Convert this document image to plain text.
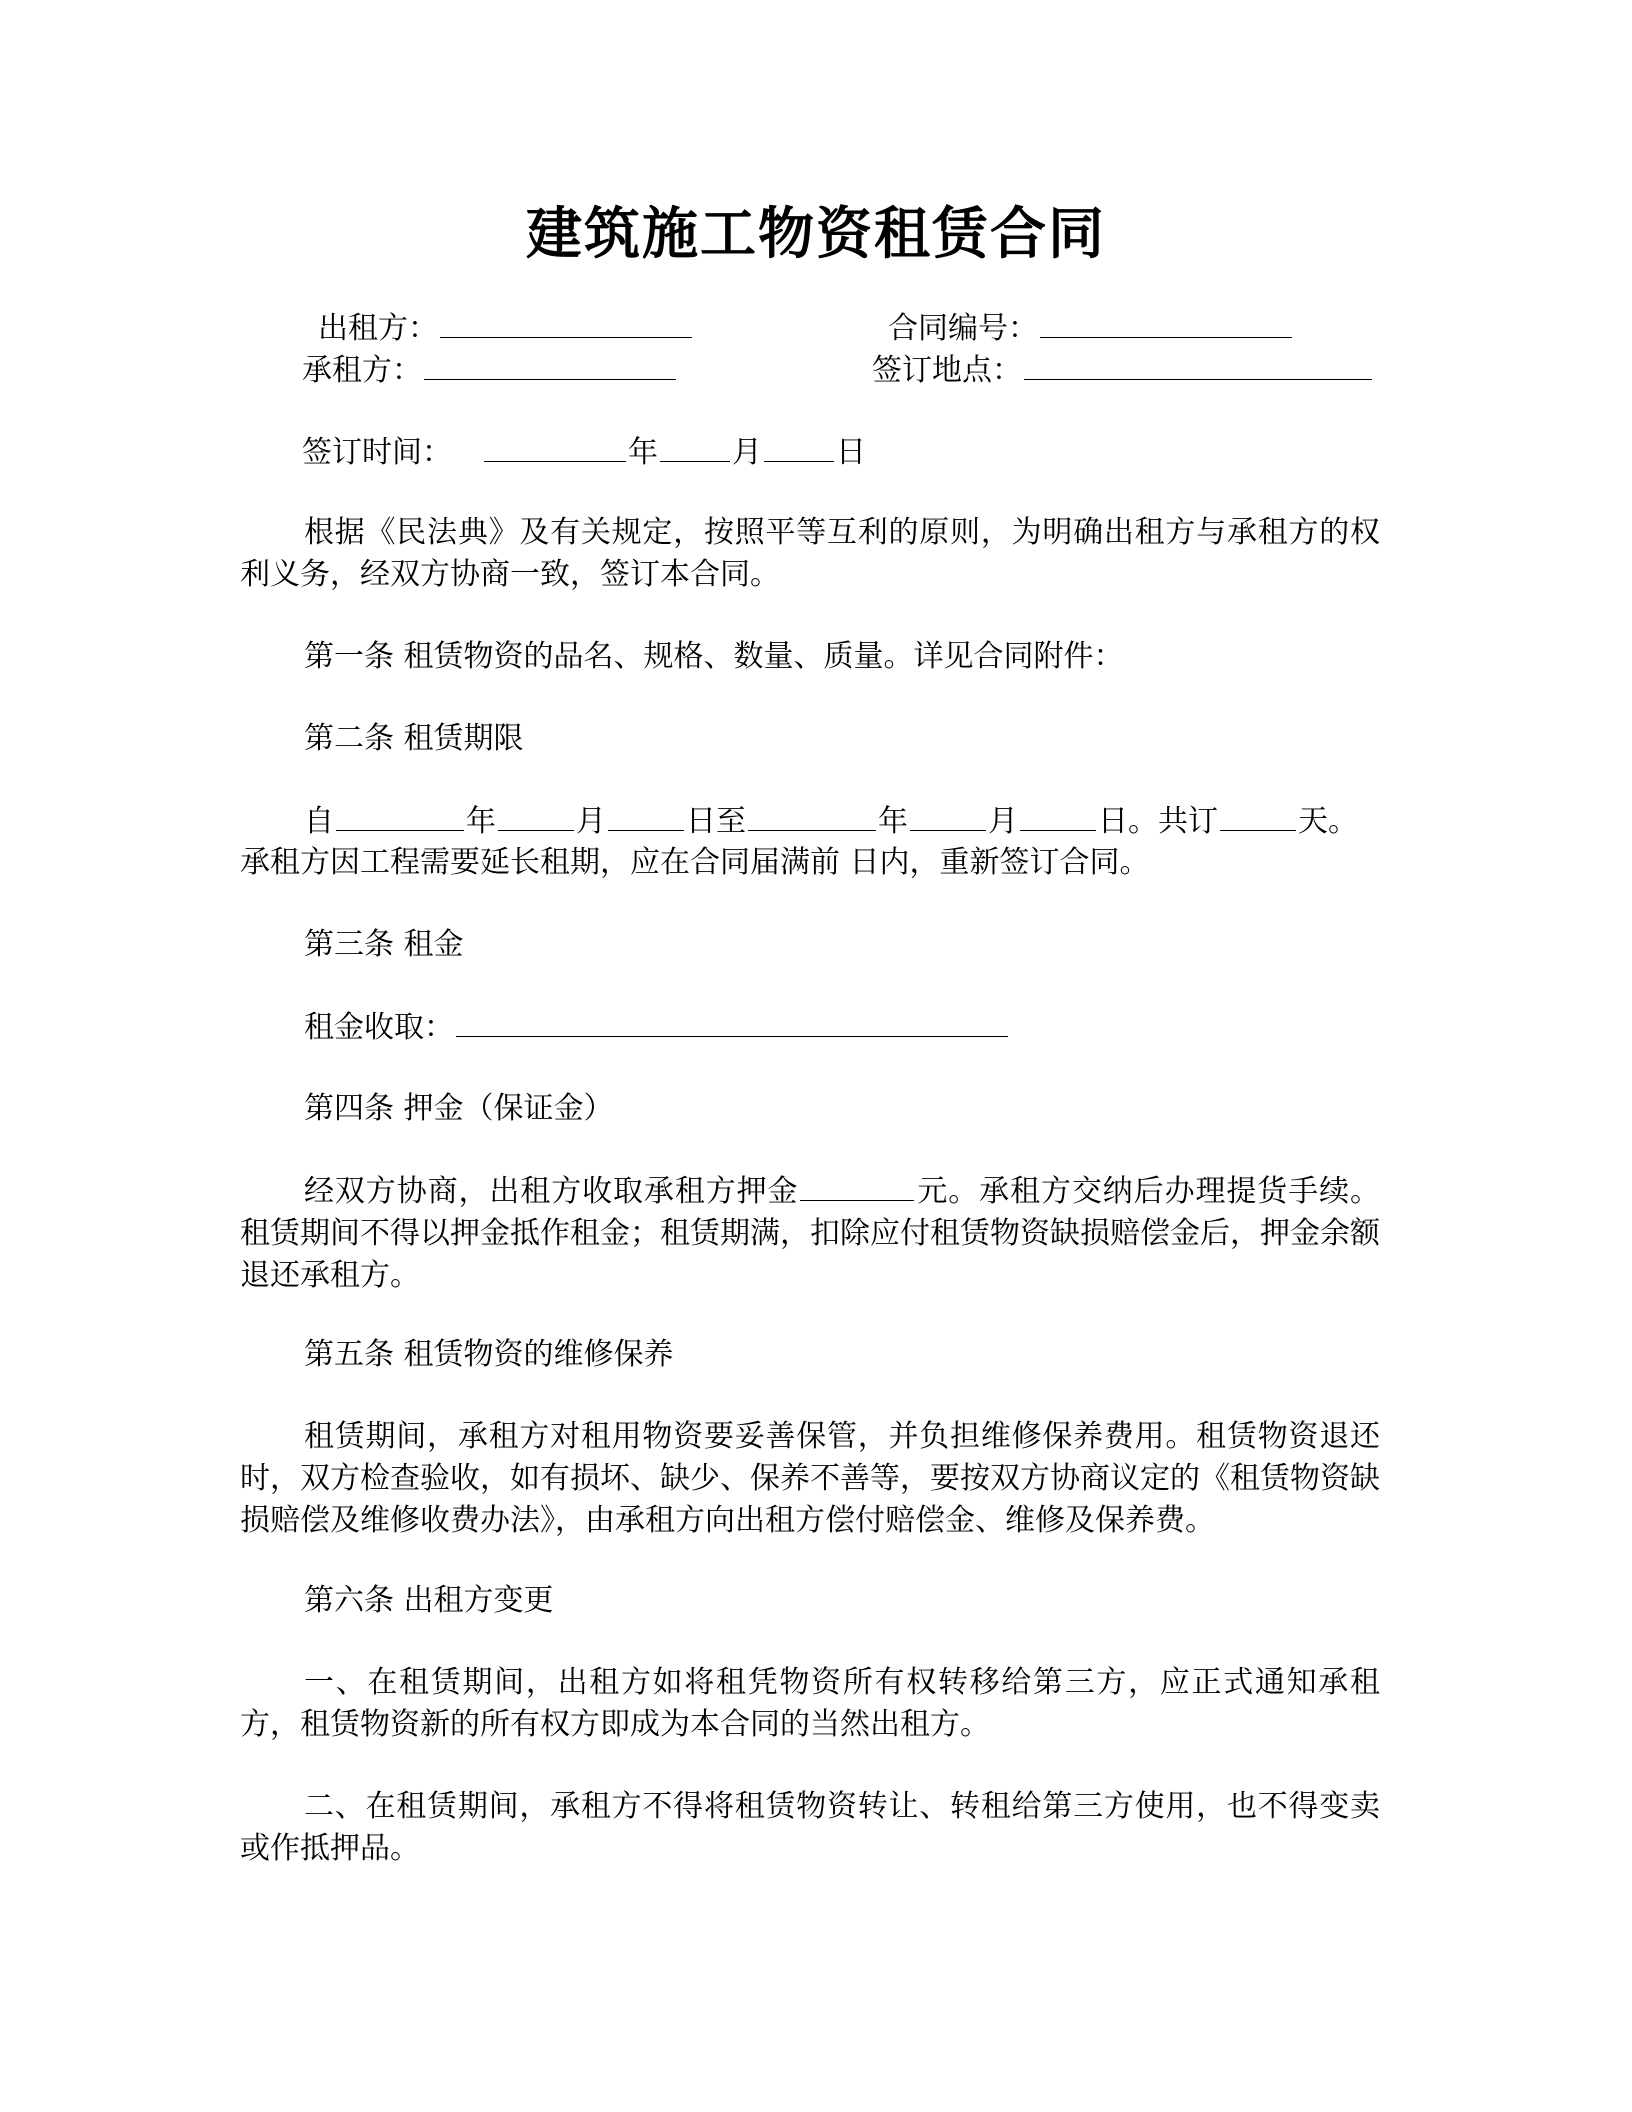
建筑施工物资租赁合同
出租方：	合同编号：
承租方：	签订地点：
签订时间：	年 月 日
根据《民法典》及有关规定，按照平等互利的原则，为明确出租方与承租方的权利义务，经双方协商一致，签订本合同。
第一条 租赁物资的品名、规格、数量、质量。详见合同附件：
第二条 租赁期限
自	年	月	日至	年	月	日。共订	天。
承租方因工程需要延长租期，应在合同届满前 日内，重新签订合同。
第三条 租金
租金收取：
第四条 押金（保证金）
经双方协商，出租方收取承租方押金	元。承租方交纳后办理提货手续。租赁期间不得以押金抵作租金；租赁期满，扣除应付租赁物资缺损赔偿金后，押金余额退还承租方。
第五条 租赁物资的维修保养
租赁期间，承租方对租用物资要妥善保管，并负担维修保养费用。租赁物资退还时，双方检查验收，如有损坏、缺少、保养不善等，要按双方协商议定的《租赁物资缺损赔偿及维修收费办法》，由承租方向出租方偿付赔偿金、维修及保养费。
第六条 出租方变更
一、在租赁期间，出租方如将租凭物资所有权转移给第三方，应正式通知承租方，租赁物资新的所有权方即成为本合同的当然出租方。
二、在租赁期间，承租方不得将租赁物资转让、转租给第三方使用，也不得变卖或作抵押品。
